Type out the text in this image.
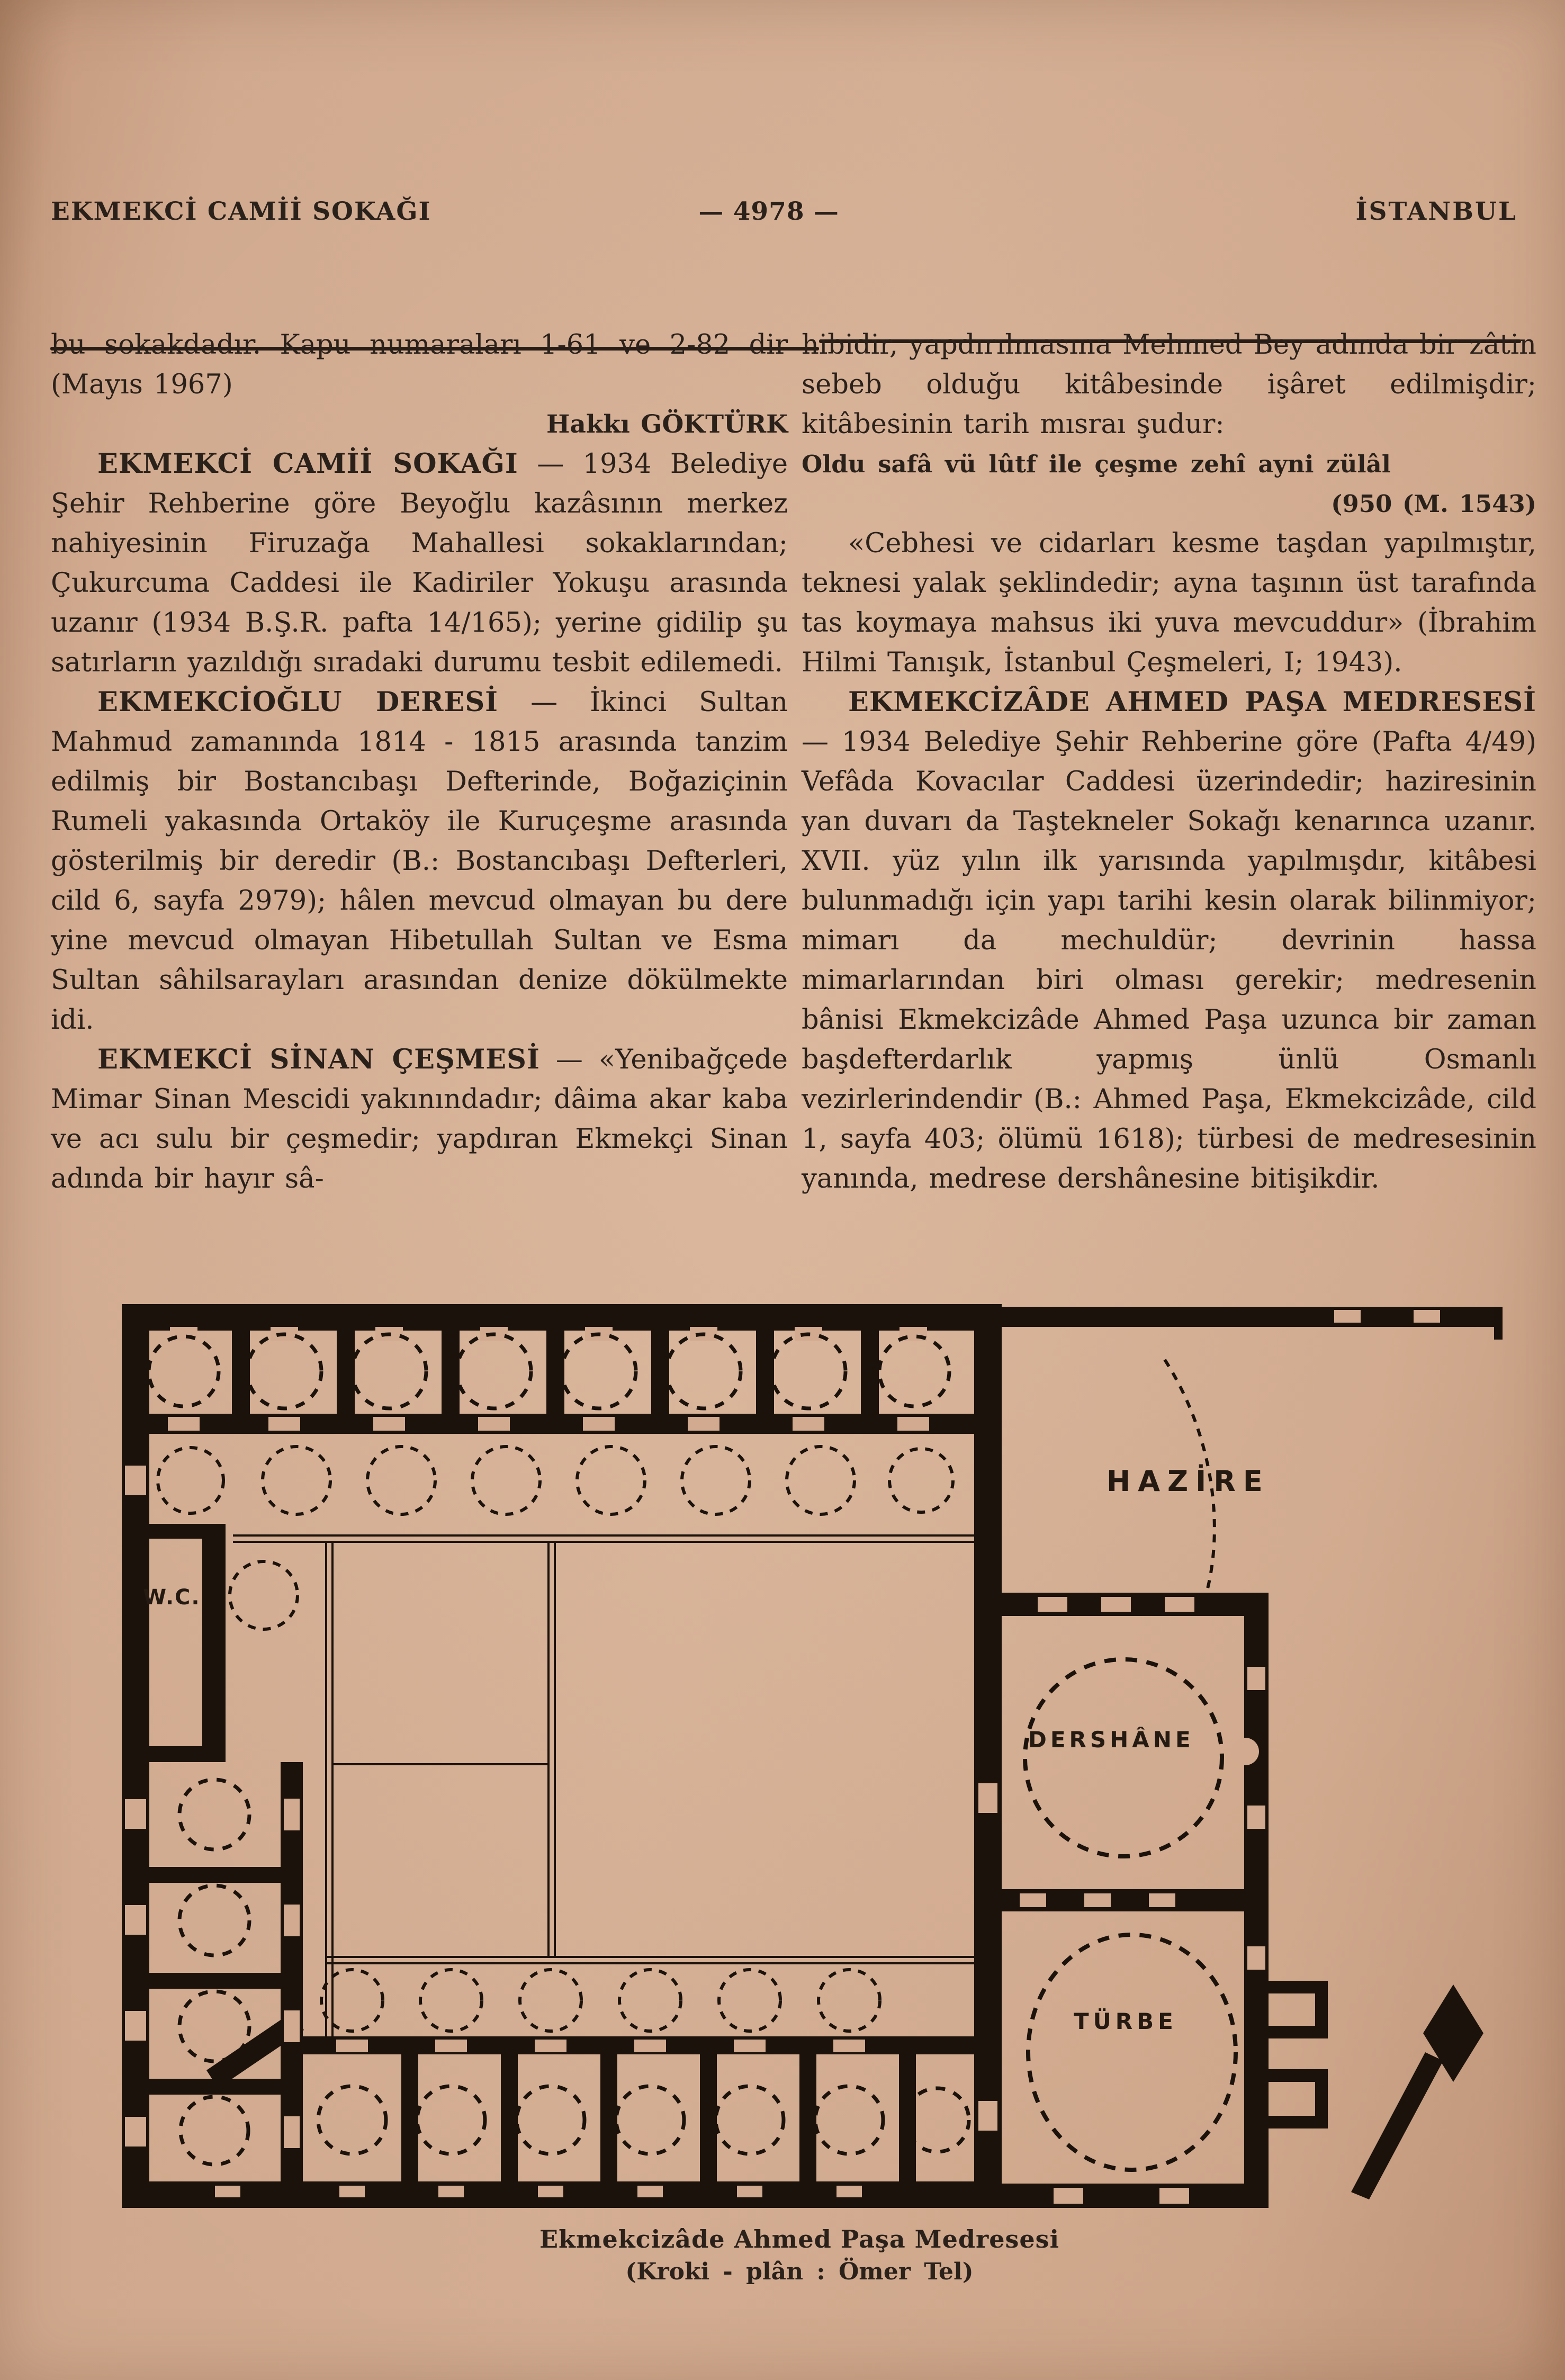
EKMEKCİ CAMİİ SOKAĞI	— 4978 —	İSTANBUL

bu sokakdadır. Kapu numaraları 1-61 ve 2-82 dir (Mayıs 1967)

Hakkı GÖKTÜRK

EKMEKCİ CAMİİ SOKAĞI — 1934 Belediye Şehir Rehberine göre Beyoğlu kazâsının merkez nahiyesinin Firuzağa Mahallesi sokaklarından; Çukurcuma Caddesi ile Kadiriler Yokuşu arasında uzanır (1934 B.Ş.R. pafta 14/165); yerine gidilip şu satırların yazıldığı sıradaki durumu tesbit edilemedi.

EKMEKCİOĞLU DERESİ — İkinci Sultan Mahmud zamanında 1814 - 1815 arasında tanzim edilmiş bir Bostancıbaşı Defterinde, Boğaziçinin Rumeli yakasında Ortaköy ile Kuruçeşme arasında gösterilmiş bir deredir (B.: Bostancıbaşı Defterleri, cild 6, sayfa 2979); hâlen mevcud olmayan bu dere yine mevcud olmayan Hibetullah Sultan ve Esma Sultan sâhilsarayları arasından denize dökülmekte idi.

EKMEKCİ SİNAN ÇEŞMESİ — «Yenibağçede Mimar Sinan Mescidi yakınındadır; dâima akar kaba ve acı sulu bir çeşmedir; yapdıran Ekmekçi Sinan adında bir hayır sâ-

hibidir, yapdırılmasına Mehmed Bey adında bir zâtin sebeb olduğu kitâbesinde işâret edilmişdir; kitâbesinin tarih mısraı şudur:

Oldu safâ vü lûtf ile çeşme zehî ayni zülâl

(950 (M. 1543)

«Cebhesi ve cidarları kesme taşdan yapılmıştır, teknesi yalak şeklindedir; ayna taşının üst tarafında tas koymaya mahsus iki yuva mevcuddur» (İbrahim Hilmi Tanışık, İstanbul Çeşmeleri, I; 1943).

EKMEKCİZÂDE AHMED PAŞA MEDRESESİ — 1934 Belediye Şehir Rehberine göre (Pafta 4/49) Vefâda Kovacılar Caddesi üzerindedir; haziresinin yan duvarı da Taştekneler Sokağı kenarınca uzanır. XVII. yüz yılın ilk yarısında yapılmışdır, kitâbesi bulunmadığı için yapı tarihi kesin olarak bilinmiyor; mimarı da mechuldür; devrinin hassa mimarlarından biri olması gerekir; medresenin bânisi Ekmekcizâde Ahmed Paşa uzunca bir zaman başdefterdarlık yapmış ünlü Osmanlı vezirlerindendir (B.: Ahmed Paşa, Ekmekcizâde, cild 1, sayfa 403; ölümü 1618); türbesi de medresesinin yanında, medrese dershânesine bitişikdir.

HAZİRE
W.C.
DERSHÂNE
TÜRBE
Ekmekcizâde Ahmed Paşa Medresesi
(Kroki - plân : Ömer Tel)
